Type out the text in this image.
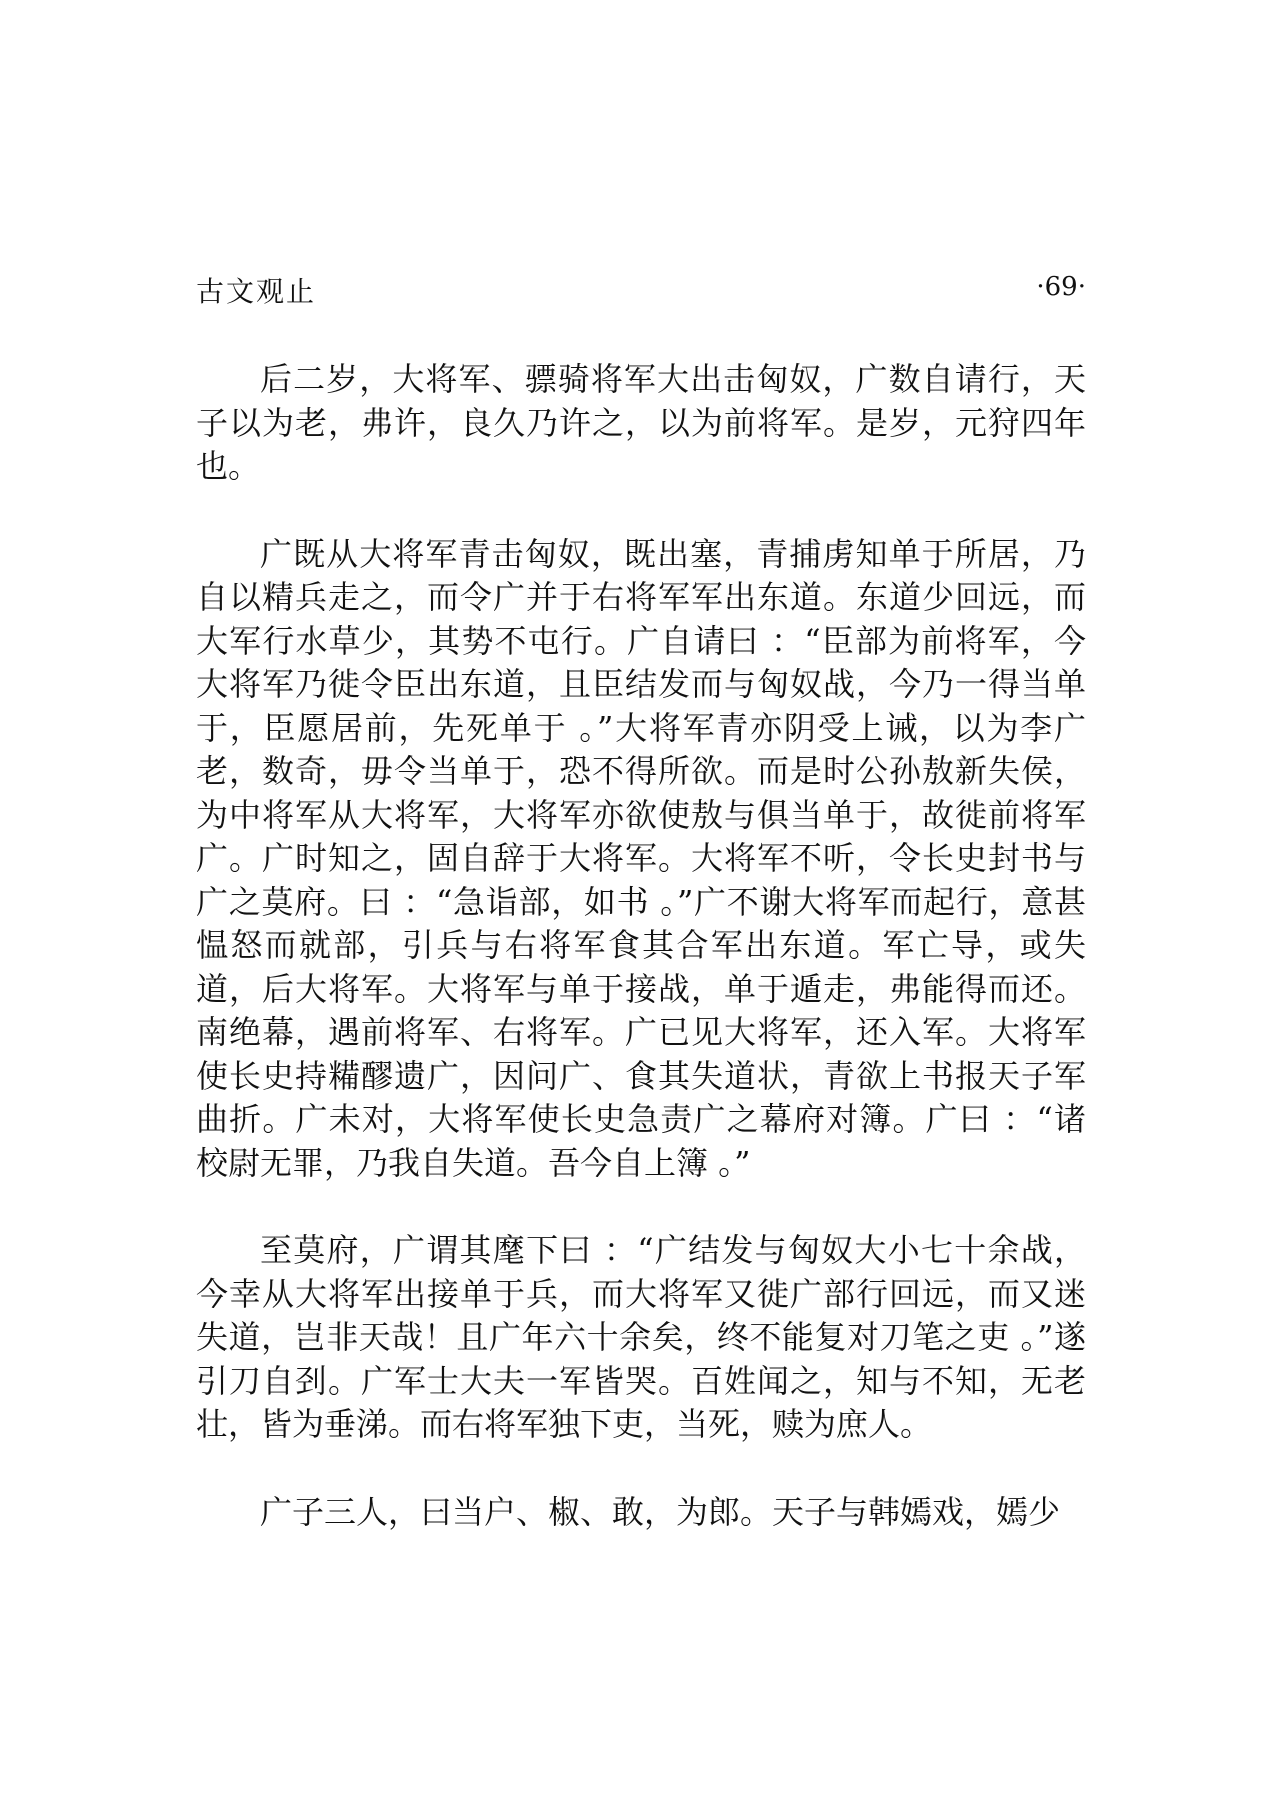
古文观止	·69·

后二岁，大将军、骠骑将军大出击匈奴，广数自请行，天子以为老，弗许，良久乃许之，以为前将军。是岁，元狩四年也。

广既从大将军青击匈奴，既出塞，青捕虏知单于所居，乃自以精兵走之，而令广并于右将军军出东道。东道少回远，而大军行水草少，其势不屯行。广自请曰 ：“臣部为前将军，今大将军乃徙令臣出东道，且臣结发而与匈奴战，今乃一得当单于，臣愿居前，先死单于 。”大将军青亦阴受上诫，以为李广老，数奇，毋令当单于，恐不得所欲。而是时公孙敖新失侯，为中将军从大将军，大将军亦欲使敖与俱当单于，故徙前将军广。广时知之，固自辞于大将军。大将军不听，令长史封书与广之莫府。曰 ：“急诣部，如书 。”广不谢大将军而起行，意甚愠怒而就部，引兵与右将军食其合军出东道。军亡导，或失道，后大将军。大将军与单于接战，单于遁走，弗能得而还。南绝幕，遇前将军、右将军。广已见大将军，还入军。大将军使长史持糒醪遗广，因问广、食其失道状，青欲上书报天子军曲折。广未对，大将军使长史急责广之幕府对簿。广曰 ：“诸校尉无罪，乃我自失道。吾今自上簿 。”

至莫府，广谓其麾下曰 ：“广结发与匈奴大小七十余战，今幸从大将军出接单于兵，而大将军又徙广部行回远，而又迷失道，岂非天哉！且广年六十余矣，终不能复对刀笔之吏 。”遂引刀自刭。广军士大夫一军皆哭。百姓闻之，知与不知，无老壮，皆为垂涕。而右将军独下吏，当死，赎为庶人。

广子三人，曰当户、椒、敢，为郎。天子与韩嫣戏，嫣少
